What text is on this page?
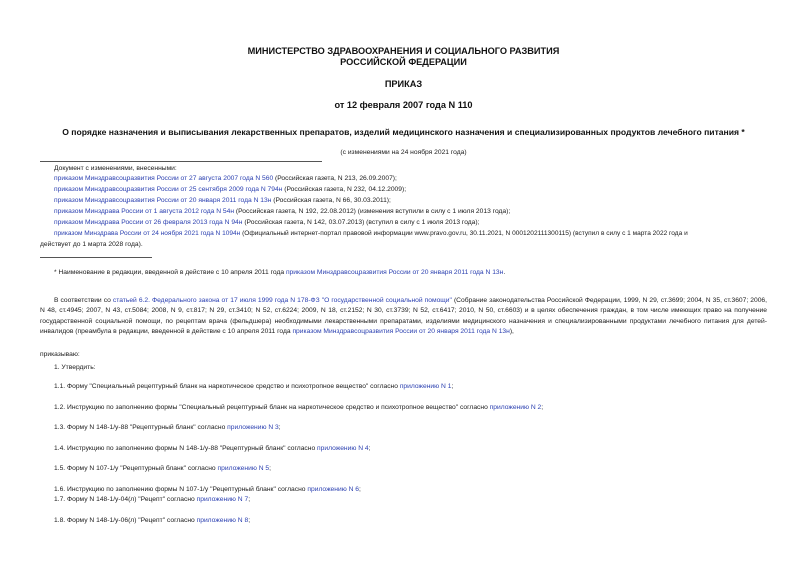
МИНИСТЕРСТВО ЗДРАВООХРАНЕНИЯ И СОЦИАЛЬНОГО РАЗВИТИЯ
РОССИЙСКОЙ ФЕДЕРАЦИИ
ПРИКАЗ
от 12 февраля 2007 года N 110
О порядке назначения и выписывания лекарственных препаратов, изделий медицинского назначения и специализированных продуктов лечебного питания *
(с изменениями на 24 ноября 2021 года)
Документ с изменениями, внесенными:
приказом Минздравсоцразвития России от 27 августа 2007 года N 560 (Российская газета, N 213, 26.09.2007);
приказом Минздравсоцразвития России от 25 сентября 2009 года N 794н (Российская газета, N 232, 04.12.2009);
приказом Минздравсоцразвития России от 20 января 2011 года N 13н (Российская газета, N 66, 30.03.2011);
приказом Минздрава России от 1 августа 2012 года N 54н (Российская газета, N 192, 22.08.2012) (изменения вступили в силу с 1 июля 2013 года);
приказом Минздрава России от 26 февраля 2013 года N 94н (Российская газета, N 142, 03.07.2013) (вступил в силу с 1 июля 2013 года);
приказом Минздрава России от 24 ноября 2021 года N 1094н (Официальный интернет-портал правовой информации www.pravo.gov.ru, 30.11.2021, N 0001202111300115) (вступил в силу с 1 марта 2022 года и
действует до 1 марта 2028 года).
* Наименование в редакции, введенной в действие с 10 апреля 2011 года приказом Минздравсоцразвития России от 20 января 2011 года N 13н.
В соответствии со статьей 6.2. Федерального закона от 17 июля 1999 года N 178-ФЗ "О государственной социальной помощи" (Собрание законодательства Российской Федерации, 1999, N 29, ст.3699; 2004, N 35, ст.3607; 2006, N 48, ст.4945; 2007, N 43, ст.5084; 2008, N 9, ст.817; N 29, ст.3410; N 52, ст.6224; 2009, N 18, ст.2152; N 30, ст.3739; N 52, ст.6417; 2010, N 50, ст.6603) и в целях обеспечения граждан, в том числе имеющих право на получение государственной социальной помощи, по рецептам врача (фельдшера) необходимыми лекарственными препаратами, изделиями медицинского назначения и специализированными продуктами лечебного питания для детей-инвалидов (преамбула в редакции, введенной в действие с 10 апреля 2011 года приказом Минздравсоцразвития России от 20 января 2011 года N 13н),
приказываю:
1. Утвердить:
1.1. Форму "Специальный рецептурный бланк на наркотическое средство и психотропное вещество" согласно приложению N 1;
1.2. Инструкцию по заполнению формы "Специальный рецептурный бланк на наркотическое средство и психотропное вещество" согласно приложению N 2;
1.3. Форму N 148-1/у-88 "Рецептурный бланк" согласно приложению N 3;
1.4. Инструкцию по заполнению формы N 148-1/у-88 "Рецептурный бланк" согласно приложению N 4;
1.5. Форму N 107-1/у "Рецептурный бланк" согласно приложению N 5;
1.6. Инструкцию по заполнению формы N 107-1/у "Рецептурный бланк" согласно приложению N 6;
1.7. Форму N 148-1/у-04(л) "Рецепт" согласно приложению N 7;
1.8. Форму N 148-1/у-06(л) "Рецепт" согласно приложению N 8;
